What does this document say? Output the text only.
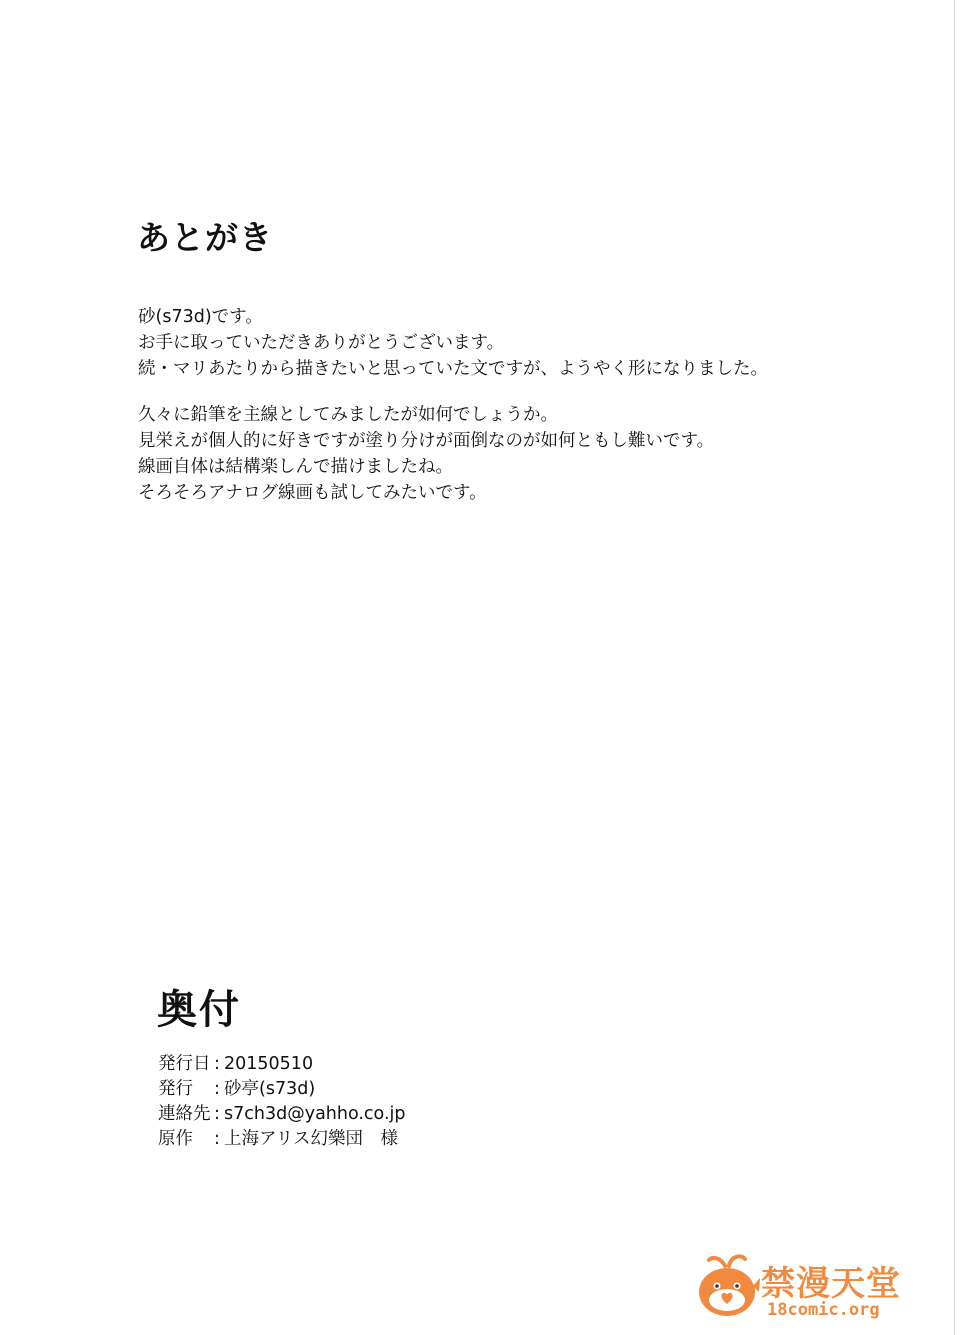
あとがき
砂(s73d)です。
お手に取っていただきありがとうございます。
続・マリあたりから描きたいと思っていた文ですが、ようやく形になりました。
久々に鉛筆を主線としてみましたが如何でしょうか。
見栄えが個人的に好きですが塗り分けが面倒なのが如何ともし難いです。
線画自体は結構楽しんで描けましたね。
そろそろアナログ線画も試してみたいです。
奥付
発行日 : 20150510
発行	: 砂亭(s73d)
連絡先 : s7ch3d@yahho.co.jp
原作	: 上海アリス幻樂団　様
禁漫天堂
18comic.org
